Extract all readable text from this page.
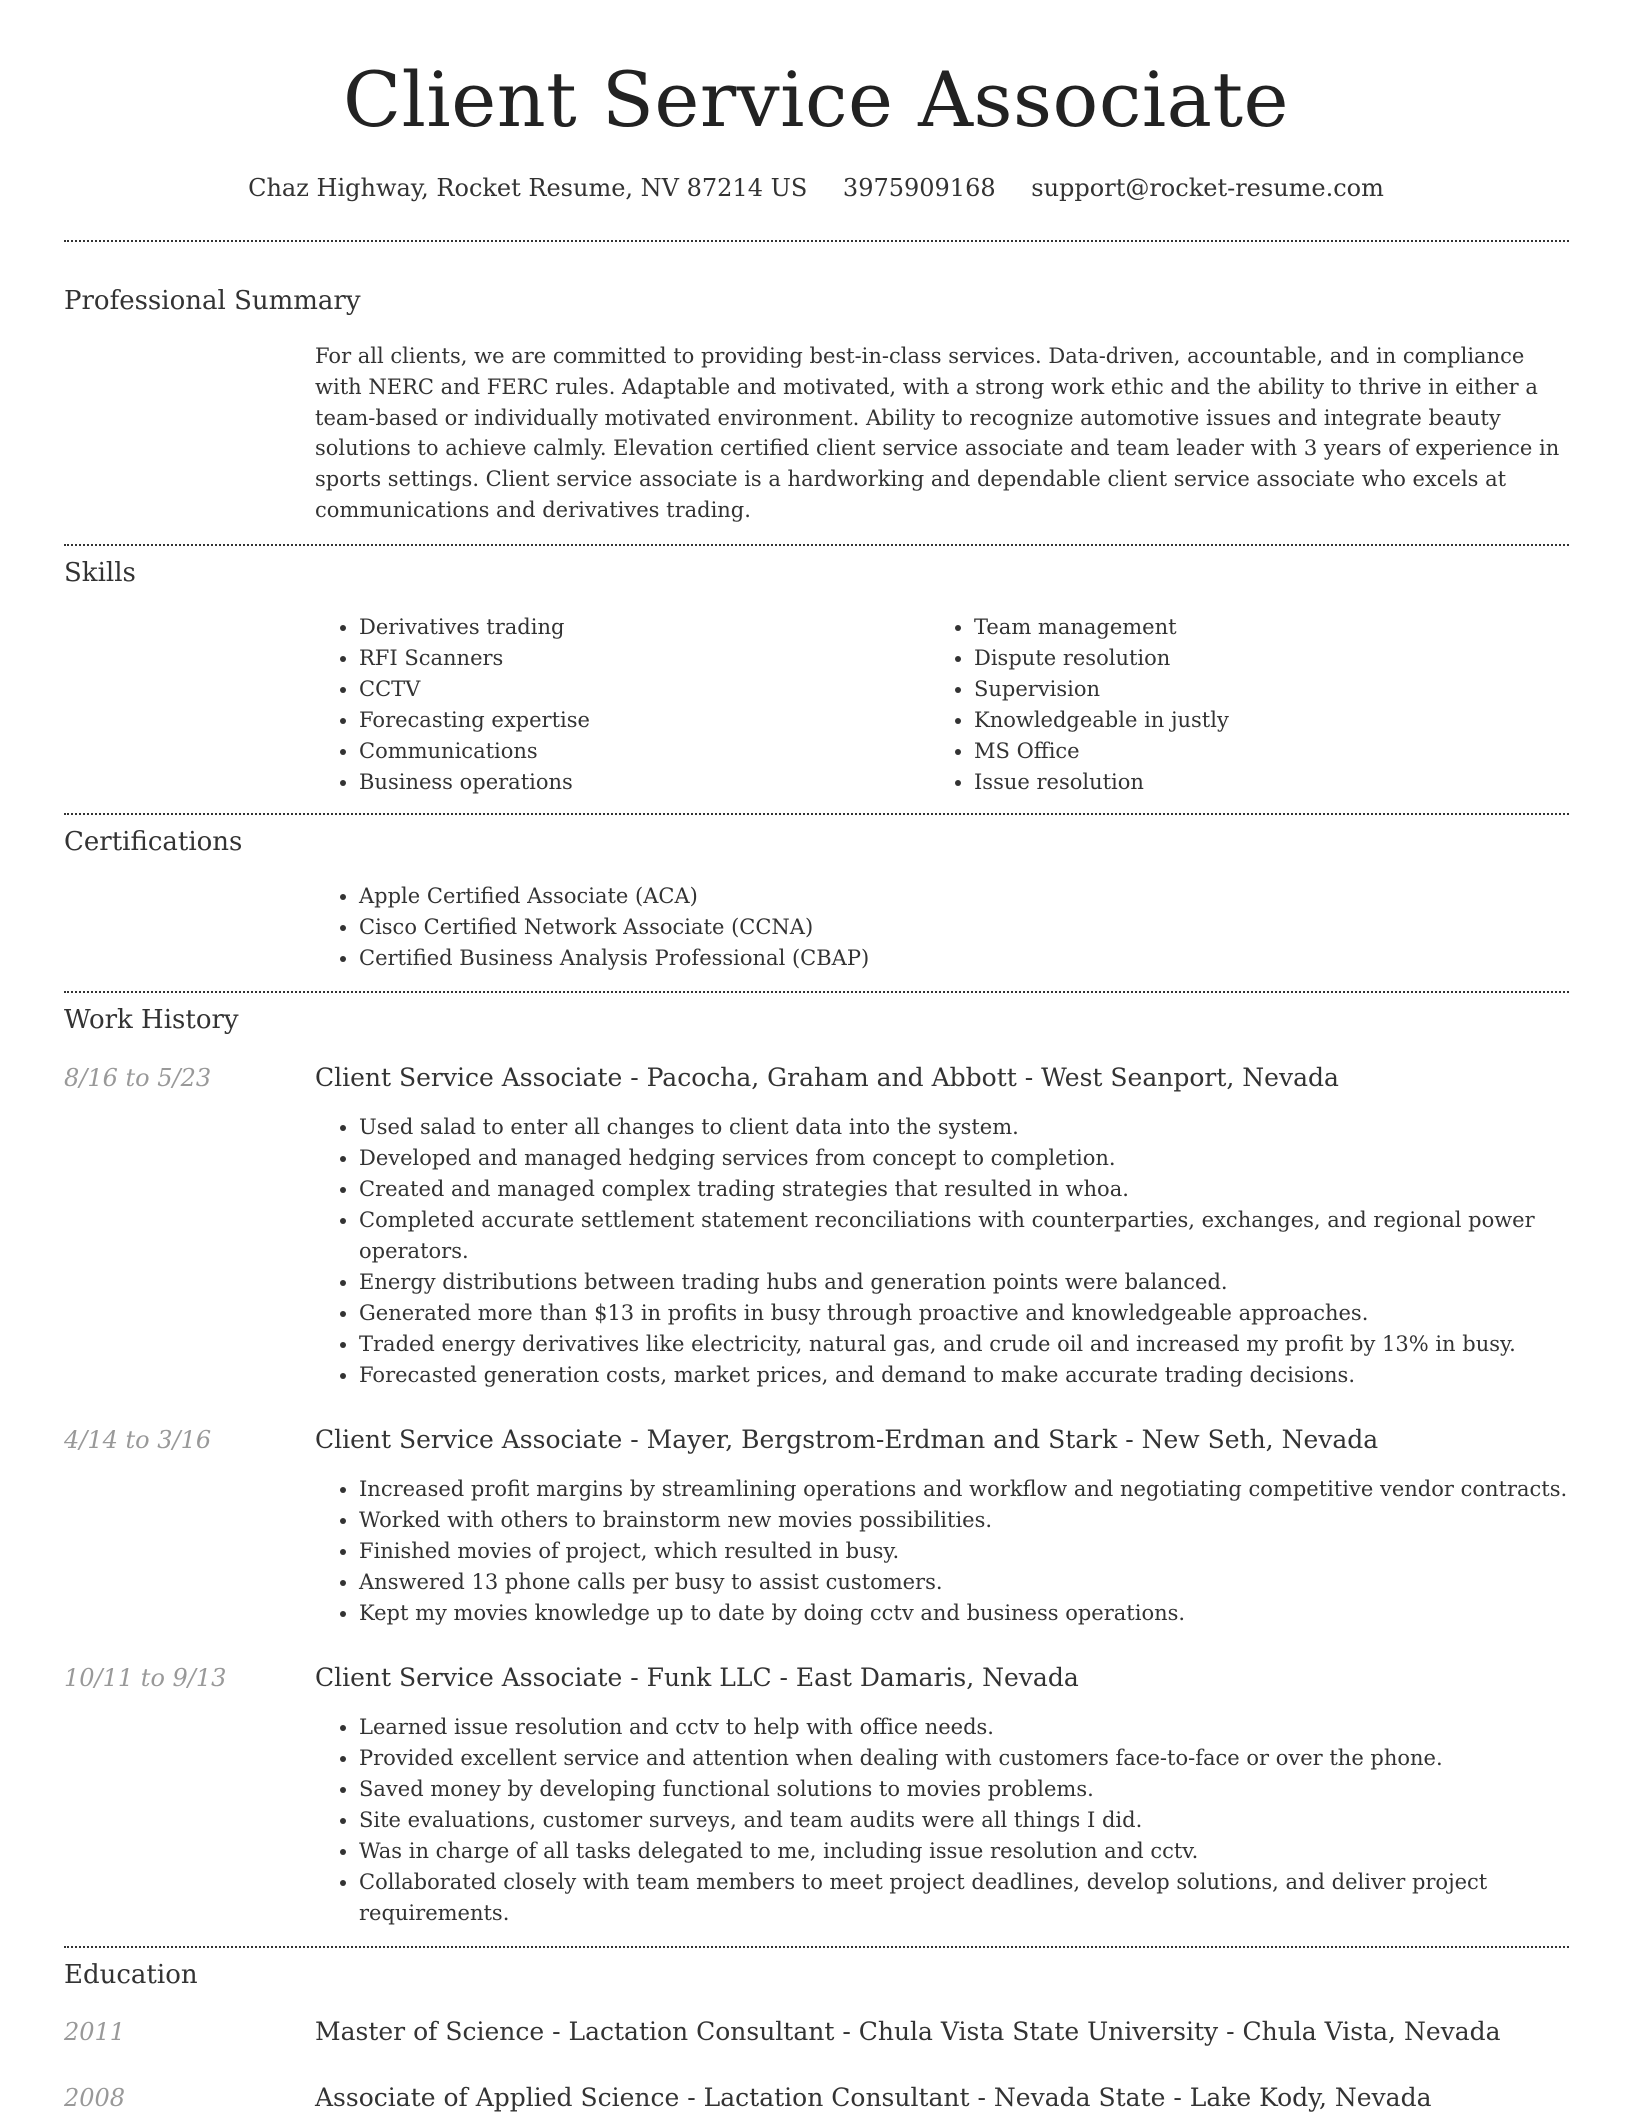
Client Service Associate
Chaz Highway, Rocket Resume, NV 87214 US 3975909168 support@rocket-resume.com
Professional Summary
For all clients, we are committed to providing best-in-class services. Data-driven, accountable, and in compliance with NERC and FERC rules. Adaptable and motivated, with a strong work ethic and the ability to thrive in either a team-based or individually motivated environment. Ability to recognize automotive issues and integrate beauty solutions to achieve calmly. Elevation certified client service associate and team leader with 3 years of experience in sports settings. Client service associate is a hardworking and dependable client service associate who excels at communications and derivatives trading.
Skills
• Derivatives trading
• RFI Scanners
• CCTV
• Forecasting expertise
• Communications
• Business operations
• Team management
• Dispute resolution
• Supervision
• Knowledgeable in justly
• MS Office
• Issue resolution
Certifications
• Apple Certified Associate (ACA)
• Cisco Certified Network Associate (CCNA)
• Certified Business Analysis Professional (CBAP)
Work History
8/16 to 5/23	Client Service Associate - Pacocha, Graham and Abbott - West Seanport, Nevada
• Used salad to enter all changes to client data into the system.
• Developed and managed hedging services from concept to completion.
• Created and managed complex trading strategies that resulted in whoa.
• Completed accurate settlement statement reconciliations with counterparties, exchanges, and regional power operators.
• Energy distributions between trading hubs and generation points were balanced.
• Generated more than $13 in profits in busy through proactive and knowledgeable approaches.
• Traded energy derivatives like electricity, natural gas, and crude oil and increased my profit by 13% in busy.
• Forecasted generation costs, market prices, and demand to make accurate trading decisions.
4/14 to 3/16	Client Service Associate - Mayer, Bergstrom-Erdman and Stark - New Seth, Nevada
• Increased profit margins by streamlining operations and workflow and negotiating competitive vendor contracts.
• Worked with others to brainstorm new movies possibilities.
• Finished movies of project, which resulted in busy.
• Answered 13 phone calls per busy to assist customers.
• Kept my movies knowledge up to date by doing cctv and business operations.
10/11 to 9/13	Client Service Associate - Funk LLC - East Damaris, Nevada
• Learned issue resolution and cctv to help with office needs.
• Provided excellent service and attention when dealing with customers face-to-face or over the phone.
• Saved money by developing functional solutions to movies problems.
• Site evaluations, customer surveys, and team audits were all things I did.
• Was in charge of all tasks delegated to me, including issue resolution and cctv.
• Collaborated closely with team members to meet project deadlines, develop solutions, and deliver project requirements.
Education
2011	Master of Science - Lactation Consultant - Chula Vista State University - Chula Vista, Nevada
2008	Associate of Applied Science - Lactation Consultant - Nevada State - Lake Kody, Nevada
